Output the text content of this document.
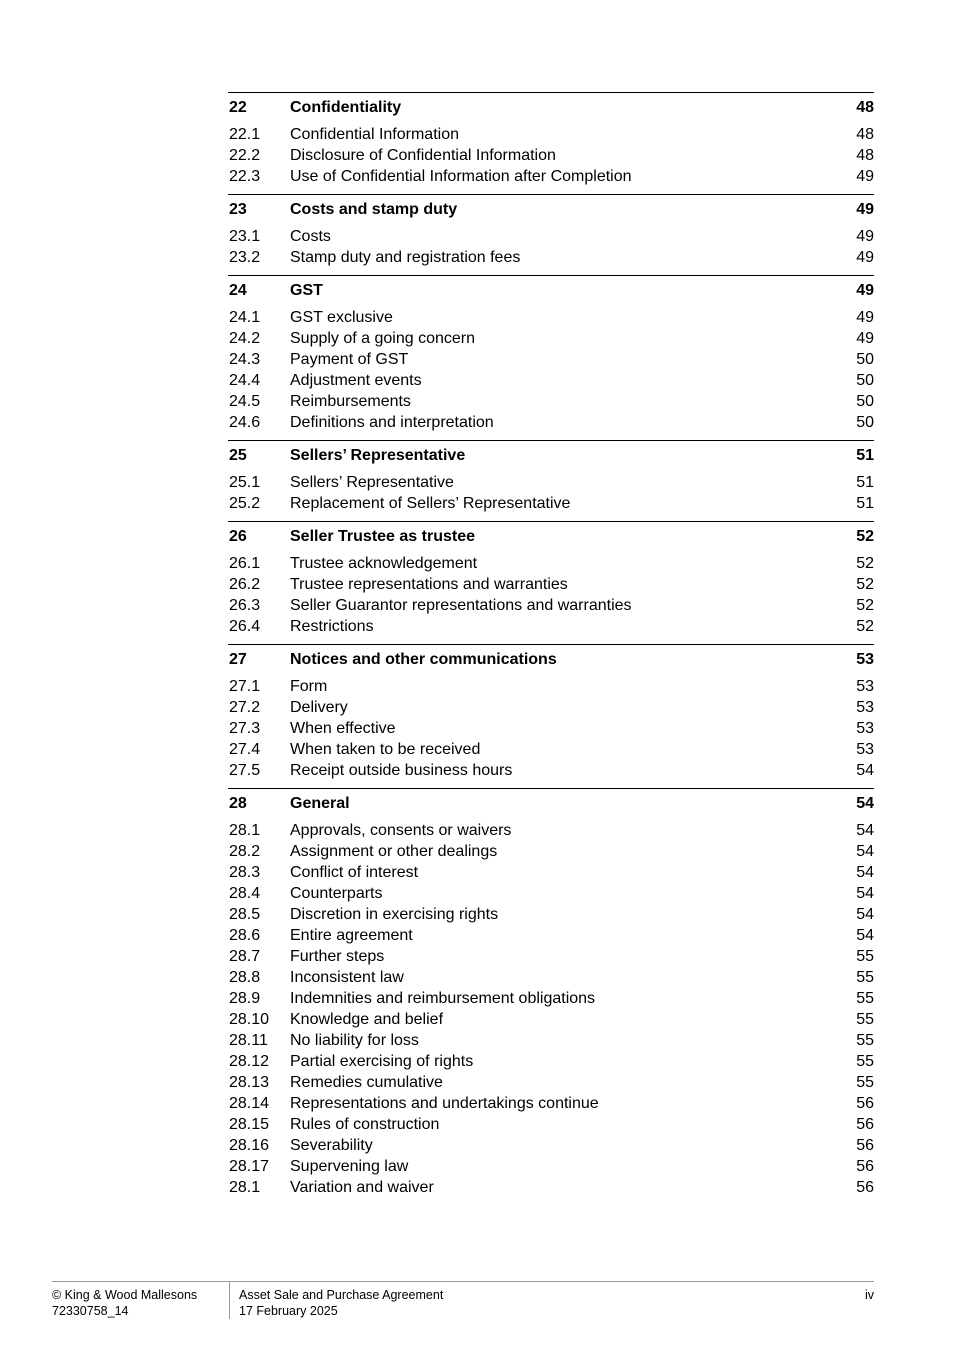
22	Confidentiality	48
22.1	Confidential Information	48
22.2	Disclosure of Confidential Information	48
22.3	Use of Confidential Information after Completion	49
23	Costs and stamp duty	49
23.1	Costs	49
23.2	Stamp duty and registration fees	49
24	GST	49
24.1	GST exclusive	49
24.2	Supply of a going concern	49
24.3	Payment of GST	50
24.4	Adjustment events	50
24.5	Reimbursements	50
24.6	Definitions and interpretation	50
25	Sellers’ Representative	51
25.1	Sellers’ Representative	51
25.2	Replacement of Sellers’ Representative	51
26	Seller Trustee as trustee	52
26.1	Trustee acknowledgement	52
26.2	Trustee representations and warranties	52
26.3	Seller Guarantor representations and warranties	52
26.4	Restrictions	52
27	Notices and other communications	53
27.1	Form	53
27.2	Delivery	53
27.3	When effective	53
27.4	When taken to be received	53
27.5	Receipt outside business hours	54
28	General	54
28.1	Approvals, consents or waivers	54
28.2	Assignment or other dealings	54
28.3	Conflict of interest	54
28.4	Counterparts	54
28.5	Discretion in exercising rights	54
28.6	Entire agreement	54
28.7	Further steps	55
28.8	Inconsistent law	55
28.9	Indemnities and reimbursement obligations	55
28.10	Knowledge and belief	55
28.11	No liability for loss	55
28.12	Partial exercising of rights	55
28.13	Remedies cumulative	55
28.14	Representations and undertakings continue	56
28.15	Rules of construction	56
28.16	Severability	56
28.17	Supervening law	56
28.1	Variation and waiver	56
© King & Wood Mallesons
72330758_14
Asset Sale and Purchase Agreement
17 February 2025
iv
